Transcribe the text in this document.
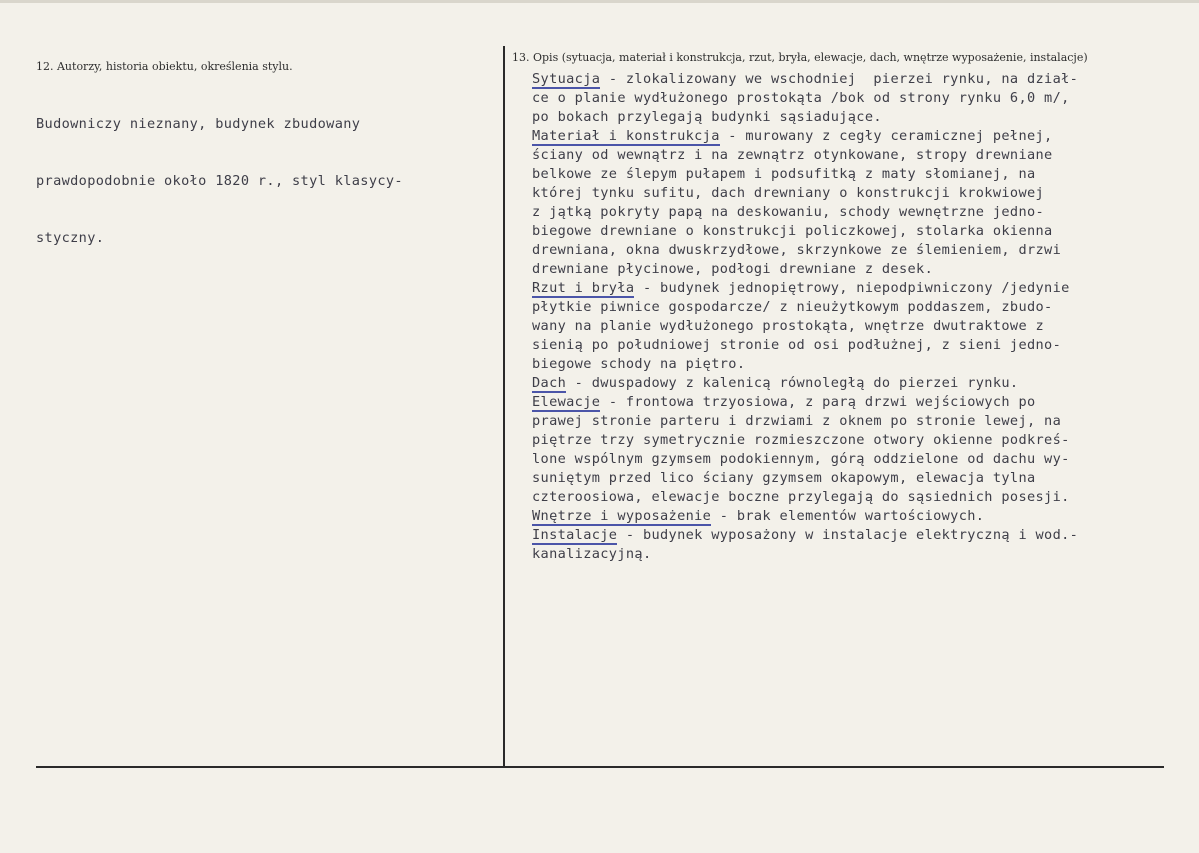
12. Autorzy, historia obiektu, określenia stylu.

Budowniczy nieznany, budynek zbudowany

prawdopodobnie około 1820 r., styl klasycy-

styczny.

13. Opis (sytuacja, materiał i konstrukcja, rzut, bryła, elewacje, dach, wnętrze wyposażenie, instalacje)
Sytuacja - zlokalizowany we wschodniej  pierzei rynku, na dział-
ce o planie wydłużonego prostokąta /bok od strony rynku 6,0 m/,
po bokach przylegają budynki sąsiadujące.
Materiał i konstrukcja - murowany z cegły ceramicznej pełnej,
ściany od wewnątrz i na zewnątrz otynkowane, stropy drewniane
belkowe ze ślepym pułapem i podsufitką z maty słomianej, na
której tynku sufitu, dach drewniany o konstrukcji krokwiowej
z jątką pokryty papą na deskowaniu, schody wewnętrzne jedno-
biegowe drewniane o konstrukcji policzkowej, stolarka okienna
drewniana, okna dwuskrzydłowe, skrzynkowe ze ślemieniem, drzwi
drewniane płycinowe, podłogi drewniane z desek.
Rzut i bryła - budynek jednopiętrowy, niepodpiwniczony /jedynie
płytkie piwnice gospodarcze/ z nieużytkowym poddaszem, zbudo-
wany na planie wydłużonego prostokąta, wnętrze dwutraktowe z
sienią po południowej stronie od osi podłużnej, z sieni jedno-
biegowe schody na piętro.
Dach - dwuspadowy z kalenicą równoległą do pierzei rynku.
Elewacje - frontowa trzyosiowa, z parą drzwi wejściowych po
prawej stronie parteru i drzwiami z oknem po stronie lewej, na
piętrze trzy symetrycznie rozmieszczone otwory okienne podkreś-
lone wspólnym gzymsem podokiennym, górą oddzielone od dachu wy-
suniętym przed lico ściany gzymsem okapowym, elewacja tylna
czteroosiowa, elewacje boczne przylegają do sąsiednich posesji.
Wnętrze i wyposażenie - brak elementów wartościowych.
Instalacje - budynek wyposażony w instalacje elektryczną i wod.-
kanalizacyjną.
